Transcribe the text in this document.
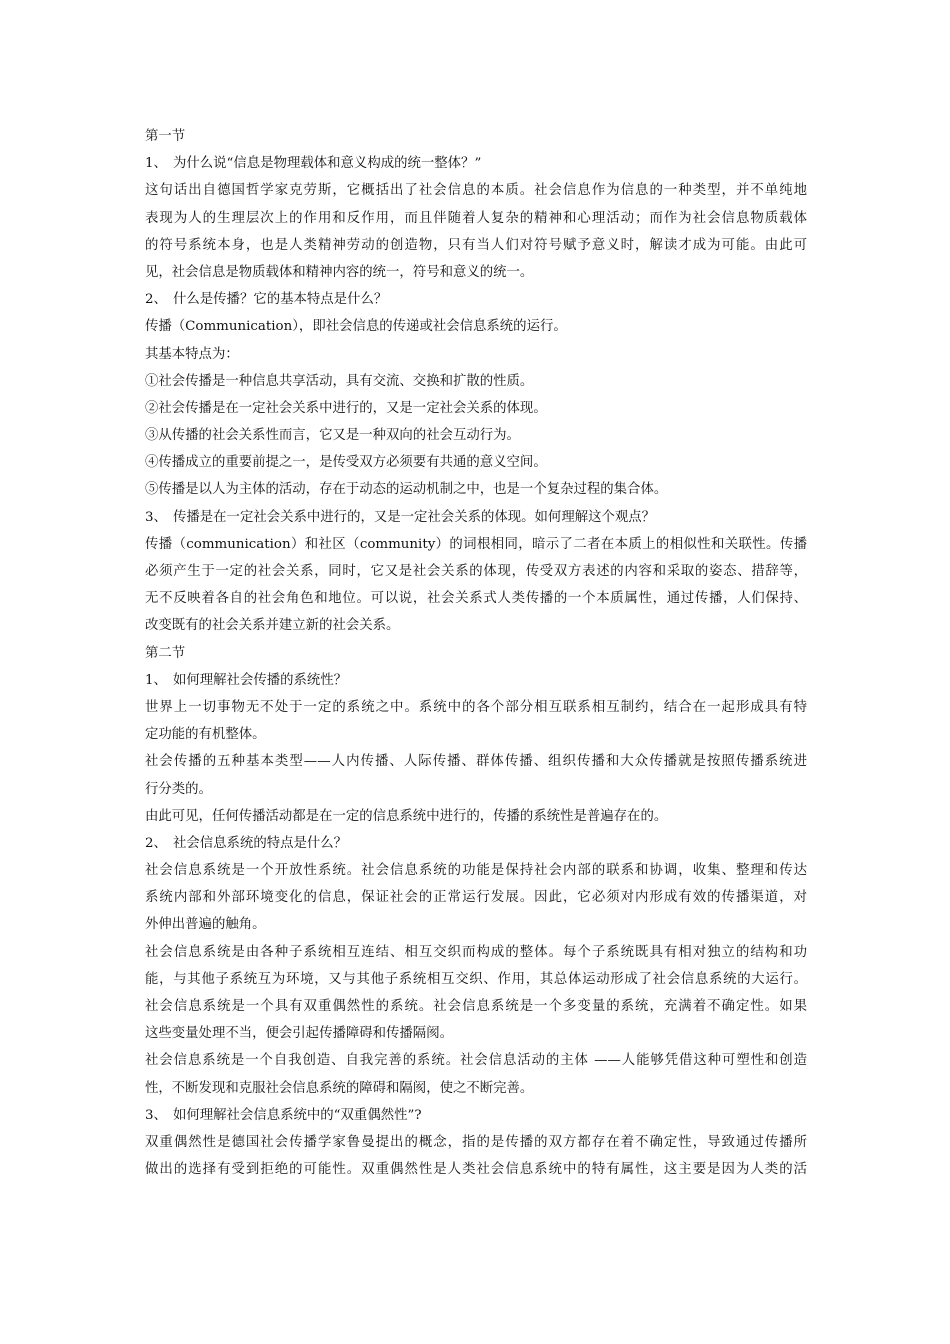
第一节
1、 为什么说“信息是物理载体和意义构成的统一整体？”
这句话出自德国哲学家克劳斯，它概括出了社会信息的本质。社会信息作为信息的一种类型，并不单纯地
表现为人的生理层次上的作用和反作用，而且伴随着人复杂的精神和心理活动；而作为社会信息物质载体
的符号系统本身，也是人类精神劳动的创造物，只有当人们对符号赋予意义时，解读才成为可能。由此可
见，社会信息是物质载体和精神内容的统一，符号和意义的统一。
2、 什么是传播？它的基本特点是什么？
传播（Communication），即社会信息的传递或社会信息系统的运行。
其基本特点为：
①社会传播是一种信息共享活动，具有交流、交换和扩散的性质。
②社会传播是在一定社会关系中进行的，又是一定社会关系的体现。
③从传播的社会关系性而言，它又是一种双向的社会互动行为。
④传播成立的重要前提之一，是传受双方必须要有共通的意义空间。
⑤传播是以人为主体的活动，存在于动态的运动机制之中，也是一个复杂过程的集合体。
3、 传播是在一定社会关系中进行的，又是一定社会关系的体现。如何理解这个观点？
传播（communication）和社区（community）的词根相同，暗示了二者在本质上的相似性和关联性。传播
必须产生于一定的社会关系，同时，它又是社会关系的体现，传受双方表述的内容和采取的姿态、措辞等，
无不反映着各自的社会角色和地位。可以说，社会关系式人类传播的一个本质属性，通过传播，人们保持、
改变既有的社会关系并建立新的社会关系。
第二节
1、 如何理解社会传播的系统性？
世界上一切事物无不处于一定的系统之中。系统中的各个部分相互联系相互制约，结合在一起形成具有特
定功能的有机整体。
社会传播的五种基本类型——人内传播、人际传播、群体传播、组织传播和大众传播就是按照传播系统进
行分类的。
由此可见，任何传播活动都是在一定的信息系统中进行的，传播的系统性是普遍存在的。
2、 社会信息系统的特点是什么？
社会信息系统是一个开放性系统。社会信息系统的功能是保持社会内部的联系和协调，收集、整理和传达
系统内部和外部环境变化的信息，保证社会的正常运行发展。因此，它必须对内形成有效的传播渠道，对
外伸出普遍的触角。
社会信息系统是由各种子系统相互连结、相互交织而构成的整体。每个子系统既具有相对独立的结构和功
能，与其他子系统互为环境，又与其他子系统相互交织、作用，其总体运动形成了社会信息系统的大运行。
社会信息系统是一个具有双重偶然性的系统。社会信息系统是一个多变量的系统，充满着不确定性。如果
这些变量处理不当，便会引起传播障碍和传播隔阂。
社会信息系统是一个自我创造、自我完善的系统。社会信息活动的主体 ——人能够凭借这种可塑性和创造
性，不断发现和克服社会信息系统的障碍和隔阂，使之不断完善。
3、 如何理解社会信息系统中的“双重偶然性”?
双重偶然性是德国社会传播学家鲁曼提出的概念，指的是传播的双方都存在着不确定性，导致通过传播所
做出的选择有受到拒绝的可能性。双重偶然性是人类社会信息系统中的特有属性，这主要是因为人类的活
